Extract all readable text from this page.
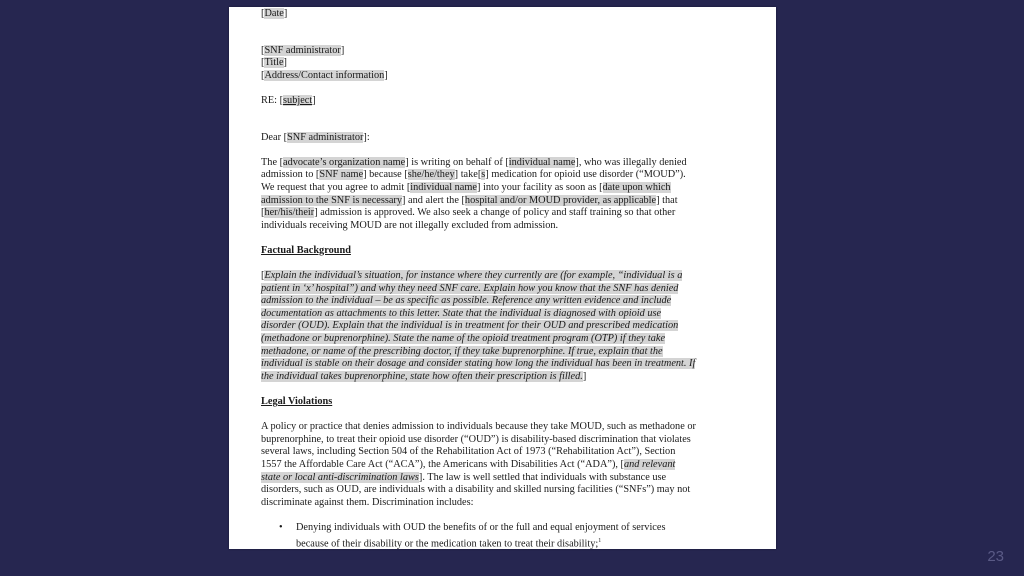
[Date]
[SNF administrator]
[Title]
[Address/Contact information]
RE: [subject]
Dear [SNF administrator]:
The [advocate’s organization name] is writing on behalf of [individual name], who was illegally denied
admission to [SNF name] because [she/he/they] take[s] medication for opioid use disorder (“MOUD”).
We request that you agree to admit [individual name] into your facility as soon as [date upon which
admission to the SNF is necessary] and alert the [hospital and/or MOUD provider, as applicable] that
[her/his/their] admission is approved. We also seek a change of policy and staff training so that other
individuals receiving MOUD are not illegally excluded from admission.
Factual Background
[Explain the individual’s situation, for instance where they currently are (for example, “individual is a
patient in ‘x’ hospital”) and why they need SNF care. Explain how you know that the SNF has denied
admission to the individual – be as specific as possible. Reference any written evidence and include
documentation as attachments to this letter. State that the individual is diagnosed with opioid use
disorder (OUD). Explain that the individual is in treatment for their OUD and prescribed medication
(methadone or buprenorphine). State the name of the opioid treatment program (OTP) if they take
methadone, or name of the prescribing doctor, if they take buprenorphine. If true, explain that the
individual is stable on their dosage and consider stating how long the individual has been in treatment. If
the individual takes buprenorphine, state how often their prescription is filled.]
Legal Violations
A policy or practice that denies admission to individuals because they take MOUD, such as methadone or
buprenorphine, to treat their opioid use disorder (“OUD”) is disability-based discrimination that violates
several laws, including Section 504 of the Rehabilitation Act of 1973 (“Rehabilitation Act”), Section
1557 the Affordable Care Act (“ACA”), the Americans with Disabilities Act (“ADA”), [and relevant
state or local anti-discrimination laws]. The law is well settled that individuals with substance use
disorders, such as OUD, are individuals with a disability and skilled nursing facilities (“SNFs”) may not
discriminate against them. Discrimination includes:
•	Denying individuals with OUD the benefits of or the full and equal enjoyment of services
because of their disability or the medication taken to treat their disability;$^1$
23
